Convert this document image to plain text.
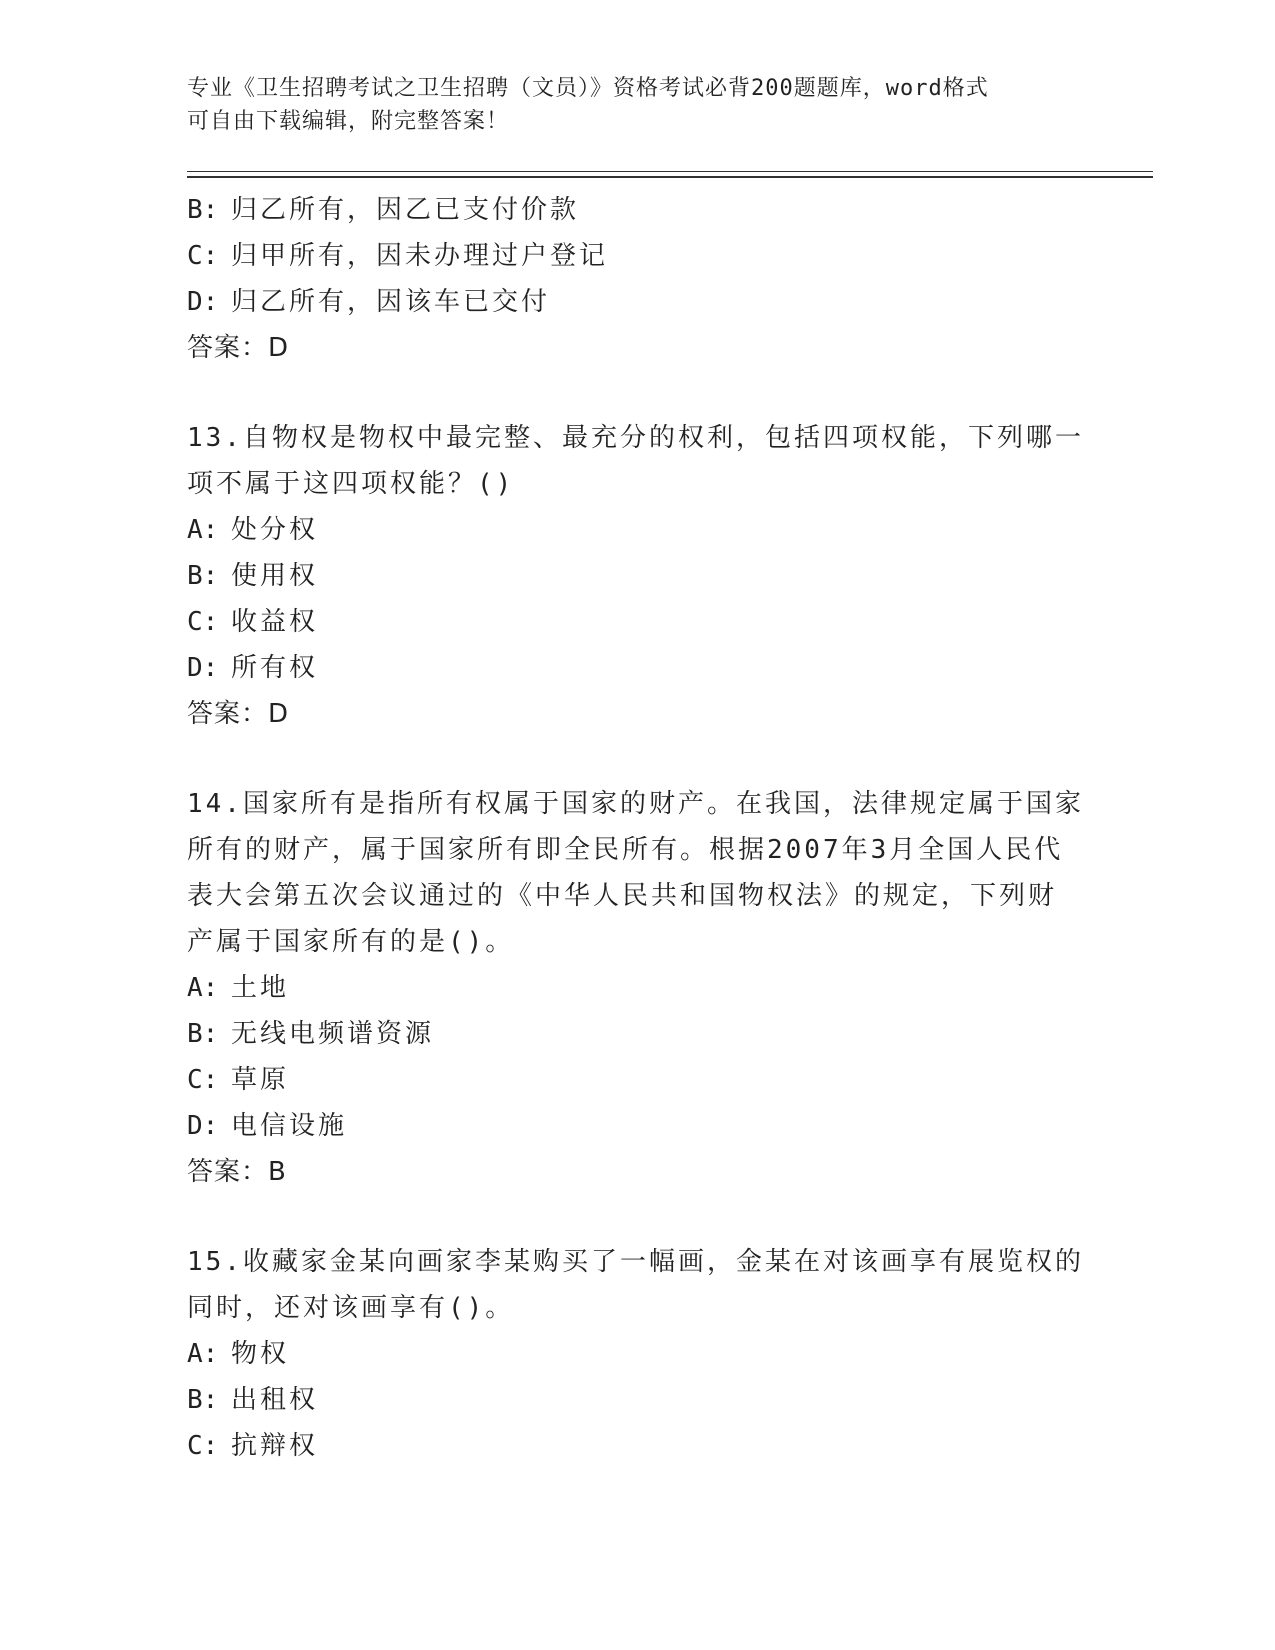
专业《卫生招聘考试之卫生招聘（文员）》资格考试必背200题题库，word格式
可自由下载编辑，附完整答案！
B: 归乙所有，因乙已支付价款
C: 归甲所有，因未办理过户登记
D: 归乙所有，因该车已交付
答案：D
13.自物权是物权中最完整、最充分的权利，包括四项权能，下列哪一
项不属于这四项权能？()
A: 处分权
B: 使用权
C: 收益权
D: 所有权
答案：D
14.国家所有是指所有权属于国家的财产。在我国，法律规定属于国家
所有的财产，属于国家所有即全民所有。根据2007年3月全国人民代
表大会第五次会议通过的《中华人民共和国物权法》的规定，下列财
产属于国家所有的是()。
A: 土地
B: 无线电频谱资源
C: 草原
D: 电信设施
答案：B
15.收藏家金某向画家李某购买了一幅画，金某在对该画享有展览权的
同时，还对该画享有()。
A: 物权
B: 出租权
C: 抗辩权
